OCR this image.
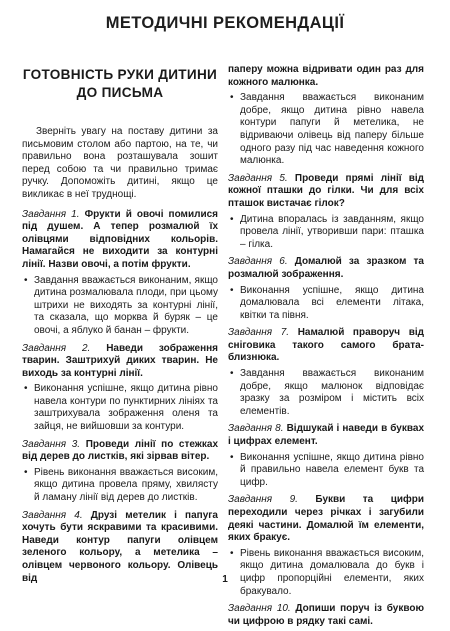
МЕТОДИЧНІ РЕКОМЕНДАЦІЇ
ГОТОВНІСТЬ РУКИ ДИТИНИ ДО ПИСЬМА

Зверніть увагу на поставу дитини за письмовим столом або партою, на те, чи правильно вона розташувала зошит перед собою та чи правильно тримає ручку. Допоможіть дитині, якщо це викликає в неї труднощі.

Завдання 1. Фрукти й овочі помилися під душем. А тепер розмалюй їх олівцями відповідних кольорів. Намагайся не виходити за контурні лінії. Назви овочі, а потім фрукти.

• Завдання вважається виконаним, якщо дитина розмалювала плоди, при цьому штрихи не виходять за контурні лінії, та сказала, що морква й буряк – це овочі, а яблуко й банан – фрукти.

Завдання 2. Наведи зображення тварин. Заштрихуй диких тварин. Не виходь за контурні лінії.

• Виконання успішне, якщо дитина рівно навела контури по пунктирних лініях та заштрихувала зображення оленя та зайця, не вийшовши за контури.

Завдання 3. Проведи лінії по стежках від дерев до листків, які зірвав вітер.

• Рівень виконання вважається високим, якщо дитина провела пряму, хвилясту й ламану лінії від дерев до листків.

Завдання 4. Друзі метелик і папуга хочуть бути яскравими та красивими. Наведи контур папуги олівцем зеленого кольору, а метелика – олівцем червоного кольору. Олівець від

паперу можна відривати один раз для кожного малюнка.

• Завдання вважається виконаним добре, якщо дитина рівно навела контури папуги й метелика, не відриваючи олівець від паперу більше одного разу під час наведення кожного малюнка.

Завдання 5. Проведи прямі лінії від кожної пташки до гілки. Чи для всіх пташок вистачає гілок?

• Дитина впоралась із завданням, якщо провела лінії, утворивши пари: пташка – гілка.

Завдання 6. Домалюй за зразком та розмалюй зображення.

• Виконання успішне, якщо дитина домалювала всі елементи літака, квітки та півня.

Завдання 7. Намалюй праворуч від сніговика такого самого брата-близнюка.

• Завдання вважається виконаним добре, якщо малюнок відповідає зразку за розміром і містить всіх елементів.

Завдання 8. Відшукай і наведи в буквах і цифрах елемент.

• Виконання успішне, якщо дитина рівно й правильно навела елемент букв та цифр.

Завдання 9. Букви та цифри переходили через річках і загубили деякі частини. Домалюй їм елементи, яких бракує.

• Рівень виконання вважається високим, якщо дитина домалювала до букв і цифр пропорційні елементи, яких бракувало.

Завдання 10. Допиши поруч із буквою чи цифрою в рядку такі самі.

1
